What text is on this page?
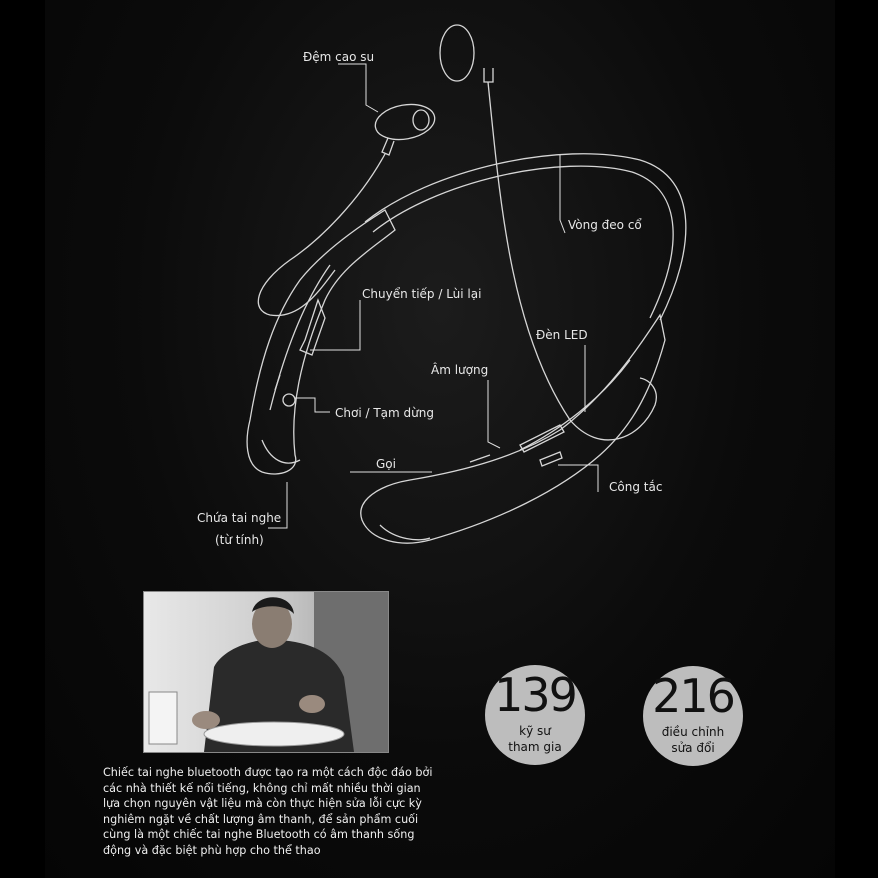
Đệm cao su
Vòng đeo cổ
Chuyển tiếp / Lùi lại
Đèn LED
Âm lượng
Chơi / Tạm dừng
Gọi
Công tắc
Chứa tai nghe
(từ tính)
Chiếc tai nghe bluetooth được tạo ra một cách độc đáo bởi các nhà thiết kế nổi tiếng, không chỉ mất nhiều thời gian lựa chọn nguyên vật liệu mà còn thực hiện sửa lỗi cực kỳ nghiêm ngặt về chất lượng âm thanh, để sản phẩm cuối cùng là một chiếc tai nghe Bluetooth có âm thanh sống động và đặc biệt phù hợp cho thể thao
139
kỹ sư
tham gia
216
điều chỉnh
sửa đổi
